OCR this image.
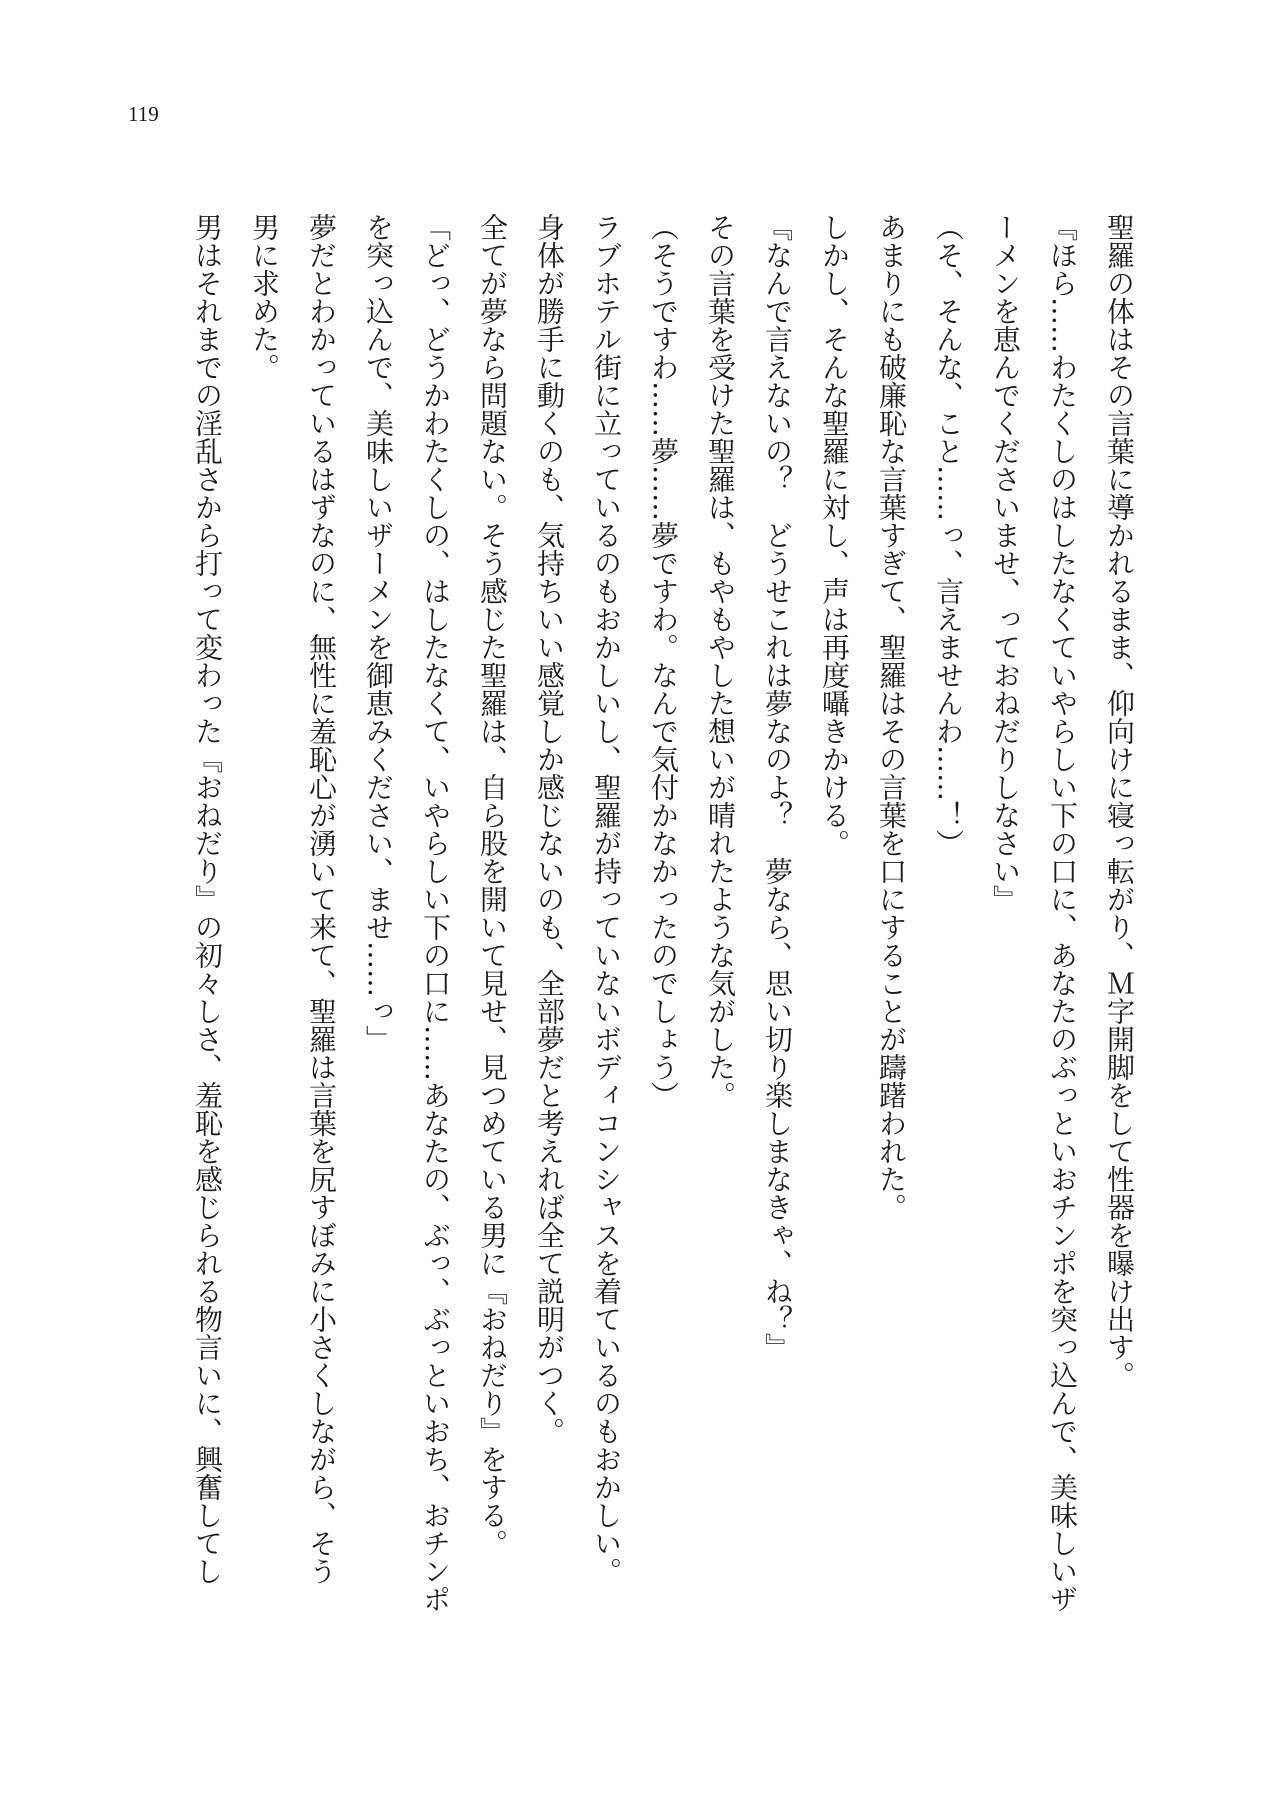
119
聖羅の体はその言葉に導かれるまま、仰向けに寝っ転がり、Ｍ字開脚をして性器を曝け出す。
『ほら……わたくしのはしたなくていやらしい下の口に、あなたのぶっといおチンポを突っ込んで、美味しいザ
ーメンを恵んでくださいませ、っておねだりしなさい』
（そ、そんな、こと……っ、言えませんわ……！）
あまりにも破廉恥な言葉すぎて、聖羅はその言葉を口にすることが躊躇われた。
しかし、そんな聖羅に対し、声は再度囁きかける。
『なんで言えないの？　どうせこれは夢なのよ？　夢なら、思い切り楽しまなきゃ、ね？』
その言葉を受けた聖羅は、もやもやした想いが晴れたような気がした。
（そうですわ……夢……夢ですわ。なんで気付かなかったのでしょう）
ラブホテル街に立っているのもおかしいし、聖羅が持っていないボディコンシャスを着ているのもおかしい。
身体が勝手に動くのも、気持ちいい感覚しか感じないのも、全部夢だと考えれば全て説明がつく。
全てが夢なら問題ない。そう感じた聖羅は、自ら股を開いて見せ、見つめている男に『おねだり』をする。
「どっ、どうかわたくしの、はしたなくて、いやらしい下の口に……あなたの、ぶっ、ぶっといおち、おチンポ
を突っ込んで、美味しいザーメンを御恵みください、ませ……っ」
夢だとわかっているはずなのに、無性に羞恥心が湧いて来て、聖羅は言葉を尻すぼみに小さくしながら、そう
男に求めた。
男はそれまでの淫乱さから打って変わった『おねだり』の初々しさ、羞恥を感じられる物言いに、興奮してし
